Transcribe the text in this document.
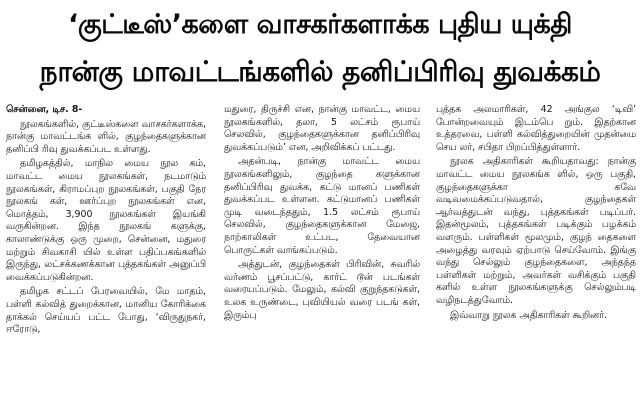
‘குட்டீஸ்’களை வாசகர்களாக்க புதிய யுக்தி
நான்கு மாவட்டங்களில் தனிப்பிரிவு துவக்கம்

சென்னை, டிச. 8-

நூலகங்களில், குட்டீஸ்களை வாசகர்களாக்க, நான்கு மாவட்டங்க ளில், குழந்தைகளுக்கான தனிப்பி ரிவு துவக்கப்பட உள்ளது.

தமிழகத்தில், மாநில மைய நூல கம், மாவட்ட மைய நூலகங்கள், நடமாடும் நூலகங்கள், கிராமப்புற நூலகங்கள், பகுதி நேர நூலகங் கள், ஊர்ப்புற நூலகங்கள் என, மொத்தம், 3,900 நூலகங்கள் இயங்கி வருகின்றன. இந்த நூலகங் களுக்கு, காலாண்டுக்கு ஒரு முறை, சென்னை, மதுரை மற்றும் சிவகாசி யில் உள்ள பதிப்பகங்களில் இருந்து, லட்சக்கணக்கான புத்தகங்கள் அனுப்பி வைக்கப்படுகின்றன.

தமிழக சட்டப் பேரவையில், மே மாதம், பள்ளி கல்வித் துறைக்கான, மானிய கோரிக்கை தாக்கல் செய்யப் பட்ட போது, ‘விருதுநகர், ஈரோடு,

மதுரை, திருச்சி என, நான்கு மாவட்ட, மைய நூலகங்களில், தலா, 5 லட்சம் ரூபாய் செலவில், குழந்தைகளுக்கான தனிப்பிரிவு துவக்கப்படும்’ என, அறிவிக்கப் பட்டது.

அதன்படி, நான்கு மாவட்ட மைய நூலகங்களிலும், குழந்தை களுக்கான தனிப்பிரிவு துவக்க, கட்டு மானப் பணிகள் துவக்கப்பட உள்ளன. கட்டுமானப் பணிகள் முடி வடைந்ததும், 1.5 லட்சம் ரூபாய் செலவில், குழந்தைகளுக்கான மேஜை, நாற்காலிகள் உட்பட, தேவையான பொருட்கள் வாங்கப்படும்.

அத்துடன், குழந்தைகள் பிரிவின், சுவரில் வர்ணம் பூசப்பட்டு, கார்ட் டூன் படங்கள் வரையப்படும். மேலும், கல்வி குறுந்தகடுகள், உலக உருண்டை, புவியியல் வரை படங் கள், இரும்பு

புத்தக அலமாரிகள், 42 அங்குல ‘டிவி’ போன்றவையும் இடம்பெ றும். இதற்கான உத்தரவை, பள்ளி கல்வித்துறையின் முதன்மை செய லர், சபிதா பிறப்பித்துள்ளார்.

நூலக அதிகாரிகள் கூறியதாவது: நான்கு மாவட்ட மைய நூலகங்க ளில், ஒரு பகுதி, குழந்தைகளுக்கா கவே வடிவமைக்கப்படுவதால், குழந்தைகள் ஆர்வத்துடன் வந்து, புத்தகங்கள் படிப்பர். இதன்மூலம், புத்தகங்கள் படிக்கும் பழக்கம் வளரும். பள்ளிகள் மூலமும், குழந் தைகளை அழைத்து வரவும் ஏற்பாடு செய்வோம். இங்கு வந்து செல்லும் குழந்தைகளை, அந்தந்த பள்ளிகள் மற்றும், அவர்கள் வசிக்கும் பகுதி களில் உள்ள நூலகங்களுக்கு செல்லும்படி வழிநடத்துவோம்.

இவ்வாறு நூலக அதிகாரிகள் கூறினர்.
